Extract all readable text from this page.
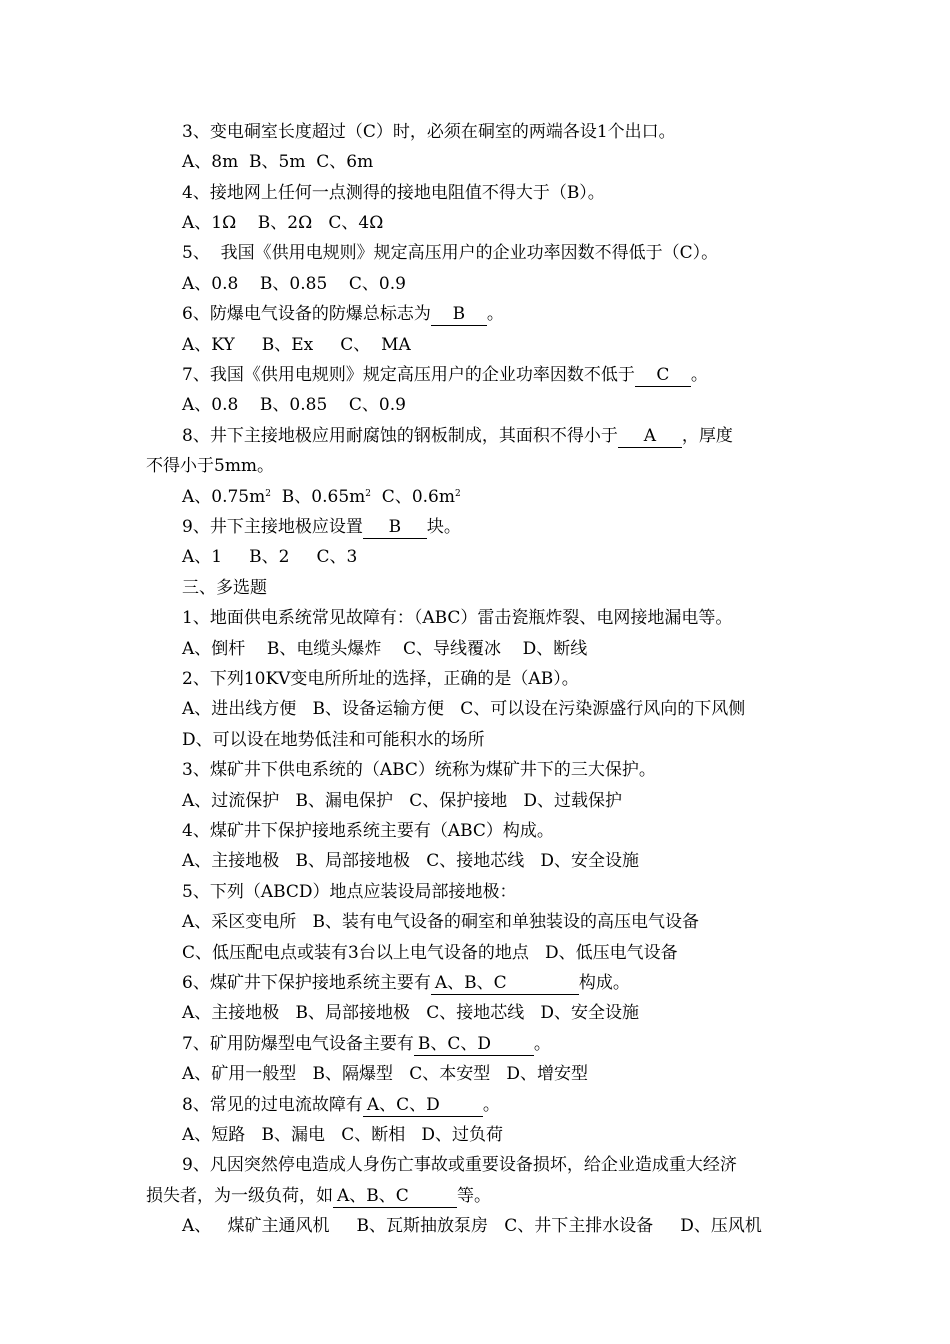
3、变电硐室长度超过（C）时，必须在硐室的两端各设1个出口。
A、8m  B、5m  C、6m
4、接地网上任何一点测得的接地电阻值不得大于（B）。
A、1Ω    B、2Ω   C、4Ω
5、  我国《供用电规则》规定高压用户的企业功率因数不得低于（C）。
A、0.8    B、0.85    C、0.9
6、防爆电气设备的防爆总标志为 B 。
A、KY     B、Ex     C、  MA
7、我国《供用电规则》规定高压用户的企业功率因数不低于 C 。
A、0.8    B、0.85    C、0.9
8、井下主接地极应用耐腐蚀的钢板制成，其面积不得小于 A ，厚度
不得小于5mm。
A、$0.75m^2$  B、$0.65m^2$  C、$0.6m^2$
9、井下主接地极应设置 B 块。
A、1     B、2     C、3
三、多选题
1、地面供电系统常见故障有：（ABC）雷击瓷瓶炸裂、电网接地漏电等。
A、倒杆    B、电缆头爆炸    C、导线覆冰    D、断线
2、下列10KV变电所所址的选择，正确的是（AB）。
A、进出线方便   B、设备运输方便   C、可以设在污染源盛行风向的下风侧
D、可以设在地势低洼和可能积水的场所
3、煤矿井下供电系统的（ABC）统称为煤矿井下的三大保护。
A、过流保护   B、漏电保护   C、保护接地   D、过载保护
4、煤矿井下保护接地系统主要有（ABC）构成。
A、主接地极   B、局部接地极   C、接地芯线   D、安全设施
5、下列（ABCD）地点应装设局部接地极：
A、采区变电所   B、装有电气设备的硐室和单独装设的高压电气设备
C、低压配电点或装有3台以上电气设备的地点   D、低压电气设备
6、煤矿井下保护接地系统主要有 A、B、C	构成。
A、主接地极   B、局部接地极   C、接地芯线   D、安全设施
7、矿用防爆型电气设备主要有 B、C、D	。
A、矿用一般型   B、隔爆型   C、本安型   D、增安型
8、常见的过电流故障有 A、C、D	。
A、短路   B、漏电   C、断相   D、过负荷
9、凡因突然停电造成人身伤亡事故或重要设备损坏，给企业造成重大经济
损失者，为一级负荷，如 A、B、C	等。
A、   煤矿主通风机     B、瓦斯抽放泵房   C、井下主排水设备     D、压风机
